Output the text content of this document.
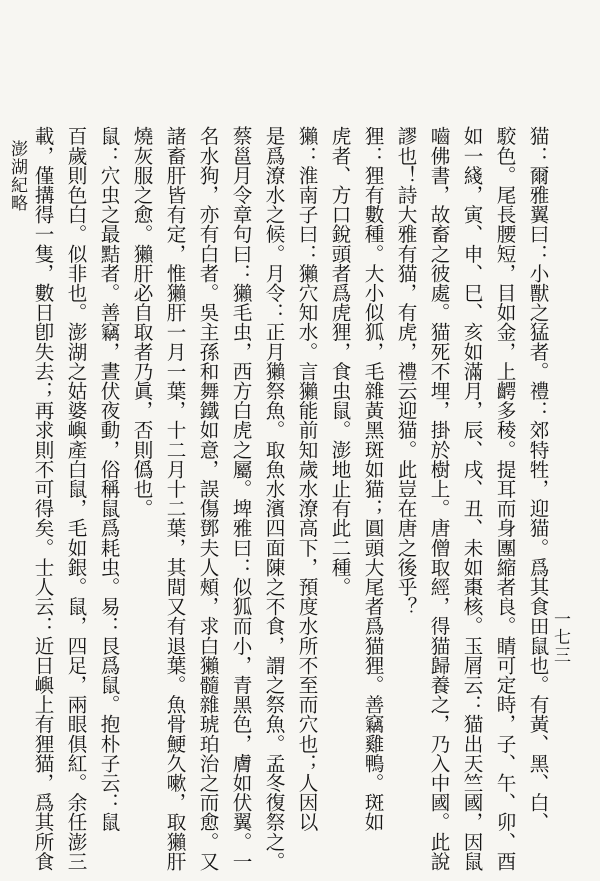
一七三
猫：爾雅翼曰：小獸之猛者。禮：郊特牲，迎猫。爲其食田鼠也。有黃、黑、白、
駮色。尾長腰短，目如金，上齶多稜。提耳而身團縮者良。睛可定時，子、午、卯、酉
如一綫，寅、申、巳、亥如滿月，辰、戌、丑、未如棗核。玉屑云：猫出天竺國，因鼠
嚙佛書，故畜之彼處。猫死不埋，掛於樹上。唐僧取經，得猫歸養之，乃入中國。此說
謬也！詩大雅有猫，有虎，禮云迎猫。此豈在唐之後乎？
狸：狸有數種。大小似狐，毛雜黃黑斑如猫；圓頭大尾者爲猫狸。善竊雞鴨。斑如
虎者、方口銳頭者爲虎狸，食虫鼠。澎地止有此二種。
獺：淮南子曰：獺穴知水。言獺能前知歲水潦高下，預度水所不至而穴也；人因以
是爲潦水之候。月令：正月獺祭魚。取魚水濱四面陳之不食，謂之祭魚。孟冬復祭之。
蔡邕月令章句曰：獺毛虫，西方白虎之屬。埤雅曰：似狐而小，青黑色，膚如伏翼。一
名水狗，亦有白者。吳主孫和舞鐵如意，誤傷鄧夫人頰，求白獺髓雜琥珀治之而愈。又
諸畜肝皆有定，惟獺肝一月一葉，十二月十二葉，其間又有退葉。魚骨鯁久嗽，取獺肝
燒灰服之愈。獺肝必自取者乃眞，否則僞也。
鼠：穴虫之最黠者。善竊，晝伏夜動，俗稱鼠爲耗虫。易：艮爲鼠。抱朴子云：鼠
百歲則色白。似非也。澎湖之姑婆嶼產白鼠，毛如銀。鼠，四足，兩眼俱紅。余任澎三
載，僅搆得一隻，數日卽失去；再求則不可得矣。士人云：近日嶼上有狸猫，爲其所食
澎湖紀略
